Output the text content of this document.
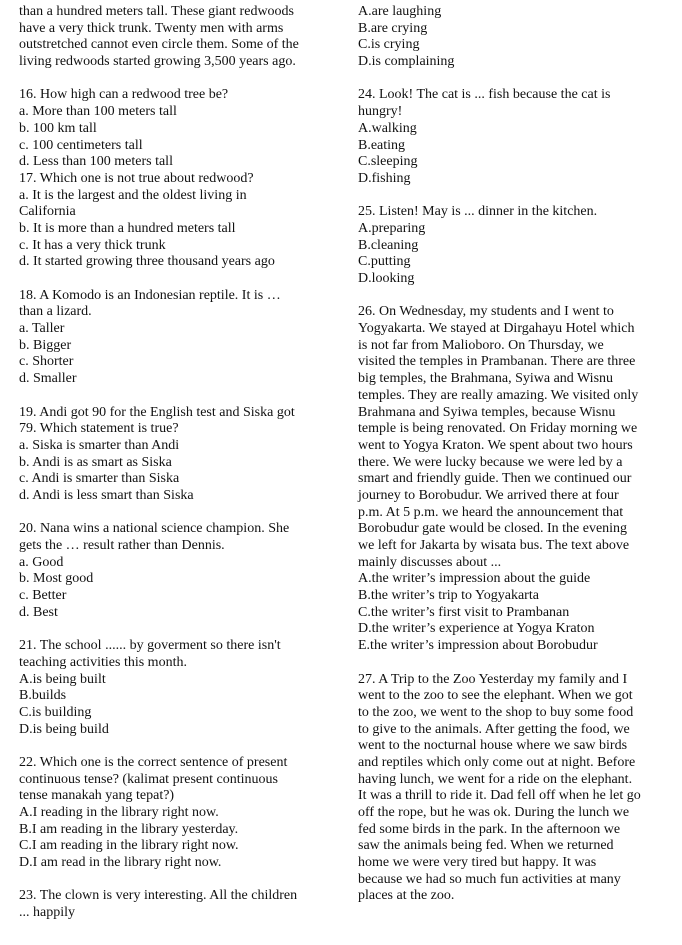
than a hundred meters tall. These giant redwoods
have a very thick trunk. Twenty men with arms
outstretched cannot even circle them. Some of the
living redwoods started growing 3,500 years ago.
16. How high can a redwood tree be?
a. More than 100 meters tall
b. 100 km tall
c. 100 centimeters tall
d. Less than 100 meters tall
17. Which one is not true about redwood?
a. It is the largest and the oldest living in
California
b. It is more than a hundred meters tall
c. It has a very thick trunk
d. It started growing three thousand years ago
18. A Komodo is an Indonesian reptile. It is …
than a lizard.
a. Taller
b. Bigger
c. Shorter
d. Smaller
19. Andi got 90 for the English test and Siska got
79. Which statement is true?
a. Siska is smarter than Andi
b. Andi is as smart as Siska
c. Andi is smarter than Siska
d. Andi is less smart than Siska
20. Nana wins a national science champion. She
gets the … result rather than Dennis.
a. Good
b. Most good
c. Better
d. Best
21. The school ...... by goverment so there isn't
teaching activities this month.
A.is being built
B.builds
C.is building
D.is being build
22. Which one is the correct sentence of present
continuous tense? (kalimat present continuous
tense manakah yang tepat?)
A.I reading in the library right now.
B.I am reading in the library yesterday.
C.I am reading in the library right now.
D.I am read in the library right now.
23. The clown is very interesting. All the children
... happily
A.are laughing
B.are crying
C.is crying
D.is complaining
24. Look! The cat is ... fish because the cat is
hungry!
A.walking
B.eating
C.sleeping
D.fishing
25. Listen! May is ... dinner in the kitchen.
A.preparing
B.cleaning
C.putting
D.looking
26. On Wednesday, my students and I went to
Yogyakarta. We stayed at Dirgahayu Hotel which
is not far from Malioboro. On Thursday, we
visited the temples in Prambanan. There are three
big temples, the Brahmana, Syiwa and Wisnu
temples. They are really amazing. We visited only
Brahmana and Syiwa temples, because Wisnu
temple is being renovated. On Friday morning we
went to Yogya Kraton. We spent about two hours
there. We were lucky because we were led by a
smart and friendly guide. Then we continued our
journey to Borobudur. We arrived there at four
p.m. At 5 p.m. we heard the announcement that
Borobudur gate would be closed. In the evening
we left for Jakarta by wisata bus. The text above
mainly discusses about ...
A.the writer’s impression about the guide
B.the writer’s trip to Yogyakarta
C.the writer’s first visit to Prambanan
D.the writer’s experience at Yogya Kraton
E.the writer’s impression about Borobudur
27. A Trip to the Zoo Yesterday my family and I
went to the zoo to see the elephant. When we got
to the zoo, we went to the shop to buy some food
to give to the animals. After getting the food, we
went to the nocturnal house where we saw birds
and reptiles which only come out at night. Before
having lunch, we went for a ride on the elephant.
It was a thrill to ride it. Dad fell off when he let go
off the rope, but he was ok. During the lunch we
fed some birds in the park. In the afternoon we
saw the animals being fed. When we returned
home we were very tired but happy. It was
because we had so much fun activities at many
places at the zoo.
